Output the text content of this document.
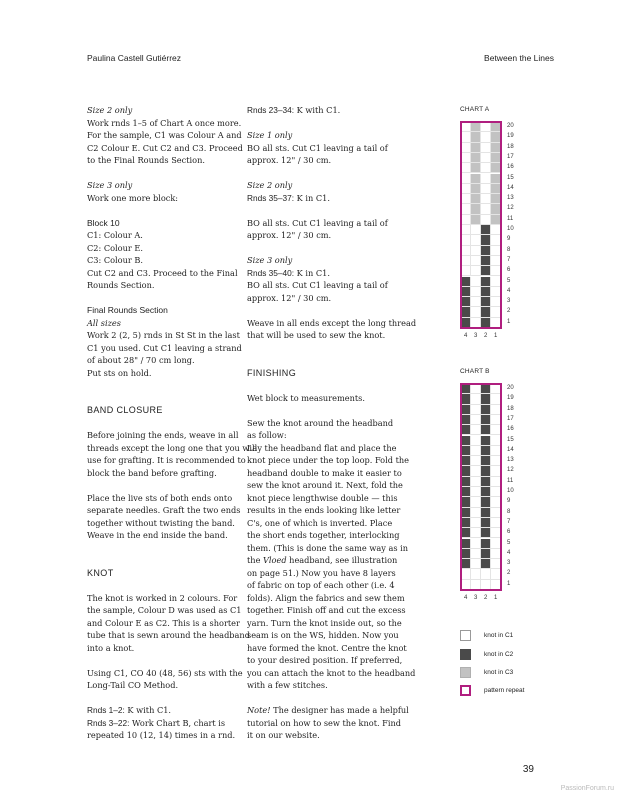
Paulina Castell Gutiérrez	Between the Lines
Size 2 only
Work rnds 1–5 of Chart A once more.
For the sample, C1 was Colour A and
C2 Colour E. Cut C2 and C3. Proceed
to the Final Rounds Section.
Size 3 only
Work one more block:
Block 10
C1: Colour A.
C2: Colour E.
C3: Colour B.
Cut C2 and C3. Proceed to the Final
Rounds Section.
Final Rounds Section
All sizes
Work 2 (2, 5) rnds in St St in the last
C1 you used. Cut C1 leaving a strand
of about 28" / 70 cm long.
Put sts on hold.
BAND CLOSURE
Before joining the ends, weave in all
threads except the long one that you will
use for grafting. It is recommended to
block the band before grafting.
Place the live sts of both ends onto
separate needles. Graft the two ends
together without twisting the band.
Weave in the end inside the band.
KNOT
The knot is worked in 2 colours. For
the sample, Colour D was used as C1
and Colour E as C2. This is a shorter
tube that is sewn around the headband
into a knot.
Using C1, CO 40 (48, 56) sts with the
Long-Tail CO Method.
Rnds 1–2: K with C1.
Rnds 3–22: Work Chart B, chart is
repeated 10 (12, 14) times in a rnd.
Rnds 23–34: K with C1.
Size 1 only
BO all sts. Cut C1 leaving a tail of
approx. 12" / 30 cm.
Size 2 only
Rnds 35–37: K in C1.
BO all sts. Cut C1 leaving a tail of
approx. 12" / 30 cm.
Size 3 only
Rnds 35–40: K in C1.
BO all sts. Cut C1 leaving a tail of
approx. 12" / 30 cm.
Weave in all ends except the long thread
that will be used to sew the knot.
FINISHING
Wet block to measurements.
Sew the knot around the headband
as follow:
Lay the headband flat and place the
knot piece under the top loop. Fold the
headband double to make it easier to
sew the knot around it. Next, fold the
knot piece lengthwise double — this
results in the ends looking like letter
C's, one of which is inverted. Place
the short ends together, interlocking
them. (This is done the same way as in
the Vloed headband, see illustration
on page 51.) Now you have 8 layers
of fabric on top of each other (i.e. 4
folds). Align the fabrics and sew them
together. Finish off and cut the excess
yarn. Turn the knot inside out, so the
seam is on the WS, hidden. Now you
have formed the knot. Centre the knot
to your desired position. If preferred,
you can attach the knot to the headband
with a few stitches.
Note! The designer has made a helpful
tutorial on how to sew the knot. Find
it on our website.
CHART A
20
19
18
17
16
15
14
13
12
11
10
9
8
7
6
5
4
3
2
1
4 3 2 1
CHART B
20
19
18
17
16
15
14
13
12
11
10
9
8
7
6
5
4
3
2
1
4 3 2 1
knot in C1
knot in C2
knot in C3
pattern repeat
39
PassionForum.ru
